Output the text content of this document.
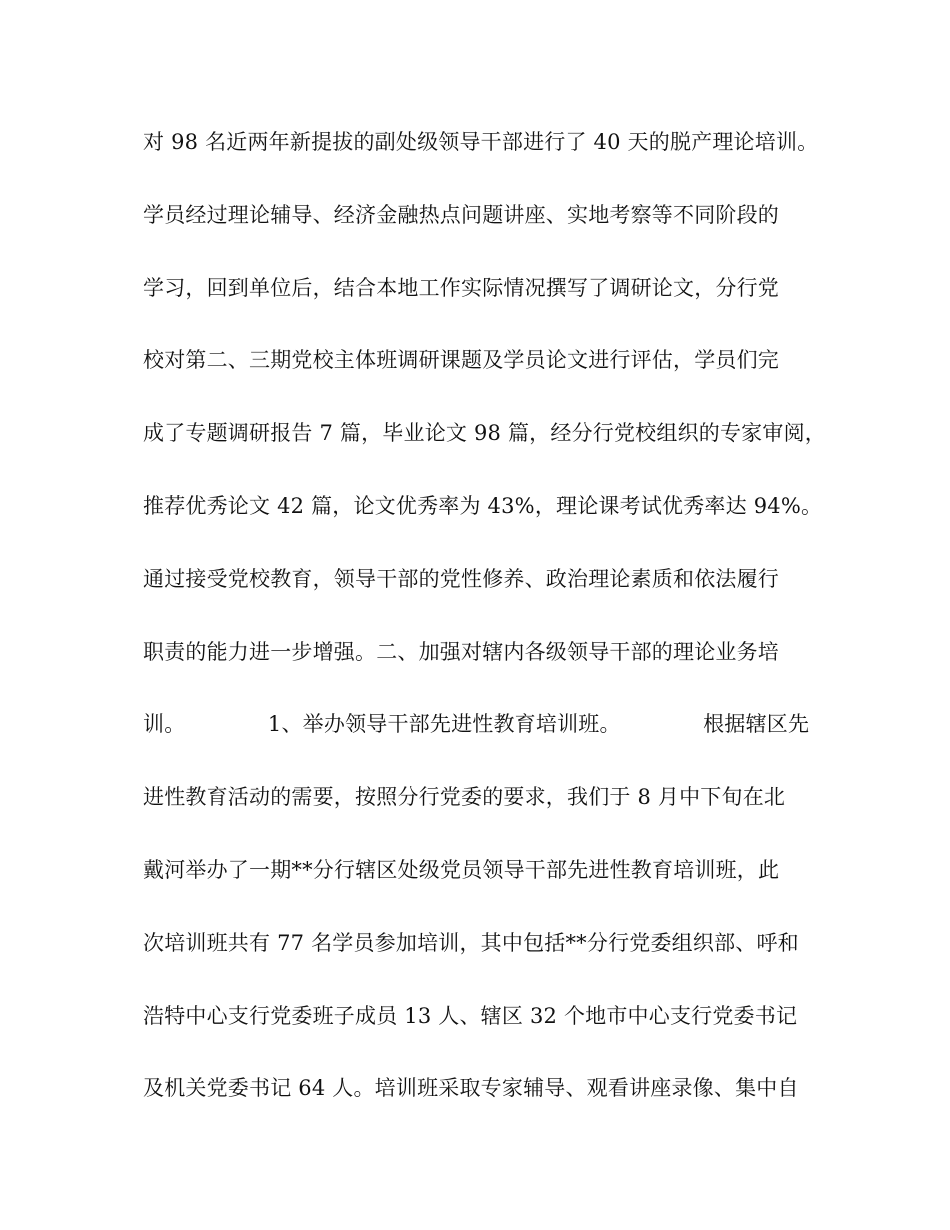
对 98 名近两年新提拔的副处级领导干部进行了 40 天的脱产理论培训。
学员经过理论辅导、经济金融热点问题讲座、实地考察等不同阶段的
学习，回到单位后，结合本地工作实际情况撰写了调研论文，分行党
校对第二、三期党校主体班调研课题及学员论文进行评估，学员们完
成了专题调研报告 7 篇，毕业论文 98 篇，经分行党校组织的专家审阅，
推荐优秀论文 42 篇，论文优秀率为 43%，理论课考试优秀率达 94%。
通过接受党校教育，领导干部的党性修养、政治理论素质和依法履行
职责的能力进一步增强。二、加强对辖内各级领导干部的理论业务培
训。            1、举办领导干部先进性教育培训班。            根据辖区先
进性教育活动的需要，按照分行党委的要求，我们于 8 月中下旬在北
戴河举办了一期**分行辖区处级党员领导干部先进性教育培训班，此
次培训班共有 77 名学员参加培训，其中包括**分行党委组织部、呼和
浩特中心支行党委班子成员 13 人、辖区 32 个地市中心支行党委书记
及机关党委书记 64 人。培训班采取专家辅导、观看讲座录像、集中自
